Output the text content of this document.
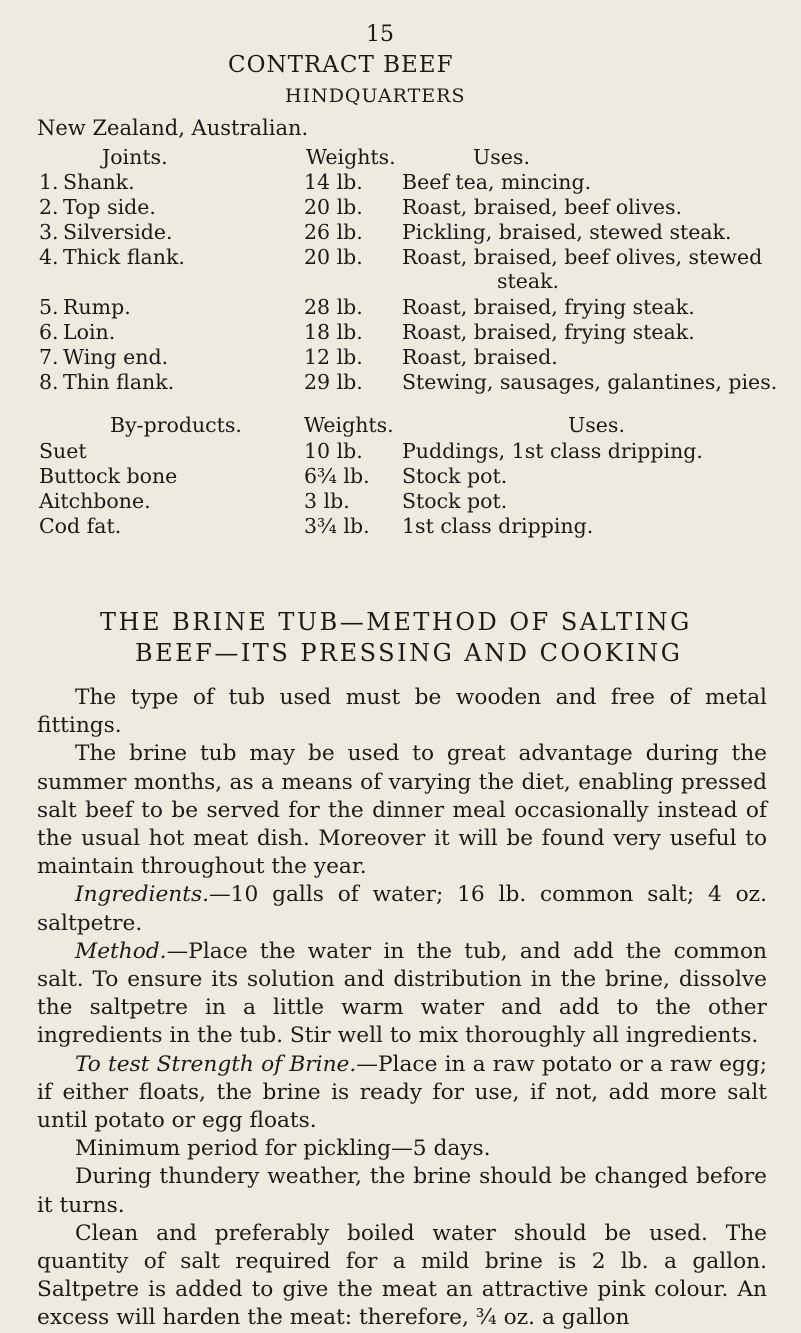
15
CONTRACT BEEF
HINDQUARTERS
New Zealand, Australian.
Joints.	Weights.	Uses.
1. Shank.	14 lb. Beef tea, mincing.
2. Top side.	20 lb. Roast, braised, beef olives.
3. Silverside.	26 lb. Pickling, braised, stewed steak.
4. Thick flank.	20 lb. Roast, braised, beef olives, stewed
steak.
5. Rump.	28 lb. Roast, braised, frying steak.
6. Loin.	18 lb. Roast, braised, frying steak.
7. Wing end.	12 lb. Roast, braised.
8. Thin flank.	29 lb. Stewing, sausages, galantines, pies.
By-products.	Weights.	Uses.
Suet	10 lb. Puddings, 1st class dripping.
Buttock bone	6¾ lb. Stock pot.
Aitchbone.	3 lb.	Stock pot.
Cod fat.	3¾ lb. 1st class dripping.
THE BRINE TUB—METHOD OF SALTING
BEEF—ITS PRESSING AND COOKING

The type of tub used must be wooden and free of metal fittings.

The brine tub may be used to great advantage during the summer months, as a means of varying the diet, enabling pressed salt beef to be served for the dinner meal occasionally instead of the usual hot meat dish. Moreover it will be found very useful to maintain throughout the year.

Ingredients.—10 galls of water; 16 lb. common salt; 4 oz. saltpetre.

Method.—Place the water in the tub, and add the common salt. To ensure its solution and distribution in the brine, dissolve the saltpetre in a little warm water and add to the other ingredients in the tub. Stir well to mix thoroughly all ingredients.

To test Strength of Brine.—Place in a raw potato or a raw egg; if either floats, the brine is ready for use, if not, add more salt until potato or egg floats.

Minimum period for pickling—5 days.

During thundery weather, the brine should be changed before it turns.

Clean and preferably boiled water should be used. The quantity of salt required for a mild brine is 2 lb. a gallon. Saltpetre is added to give the meat an attractive pink colour. An excess will harden the meat: therefore, ¾ oz. a gallon
